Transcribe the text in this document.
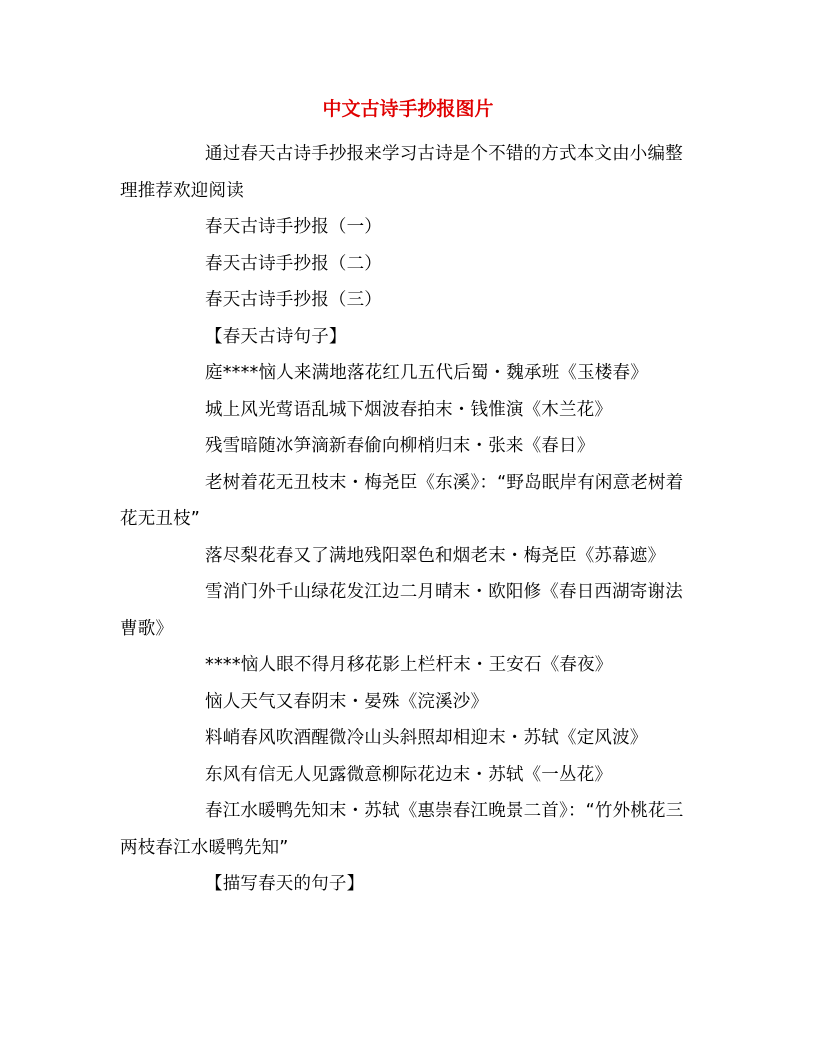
中文古诗手抄报图片

通过春天古诗手抄报来学习古诗是个不错的方式本文由小编整理推荐欢迎阅读

春天古诗手抄报（一）

春天古诗手抄报（二）

春天古诗手抄报（三）

【春天古诗句子】

庭****恼人来满地落花红几五代后蜀・魏承班《玉楼春》

城上风光莺语乱城下烟波春拍末・钱惟演《木兰花》

残雪暗随冰笋滴新春偷向柳梢归末・张来《春日》

老树着花无丑枝末・梅尧臣《东溪》：“野岛眠岸有闲意老树着花无丑枝”

落尽梨花春又了满地残阳翠色和烟老末・梅尧臣《苏幕遮》

雪消门外千山绿花发江边二月晴末・欧阳修《春日西湖寄谢法曹歌》

****恼人眼不得月移花影上栏杆末・王安石《春夜》

恼人天气又春阴末・晏殊《浣溪沙》

料峭春风吹酒醒微冷山头斜照却相迎末・苏轼《定风波》

东风有信无人见露微意柳际花边末・苏轼《一丛花》

春江水暖鸭先知末・苏轼《惠崇春江晚景二首》：“竹外桃花三两枝春江水暖鸭先知”

【描写春天的句子】
